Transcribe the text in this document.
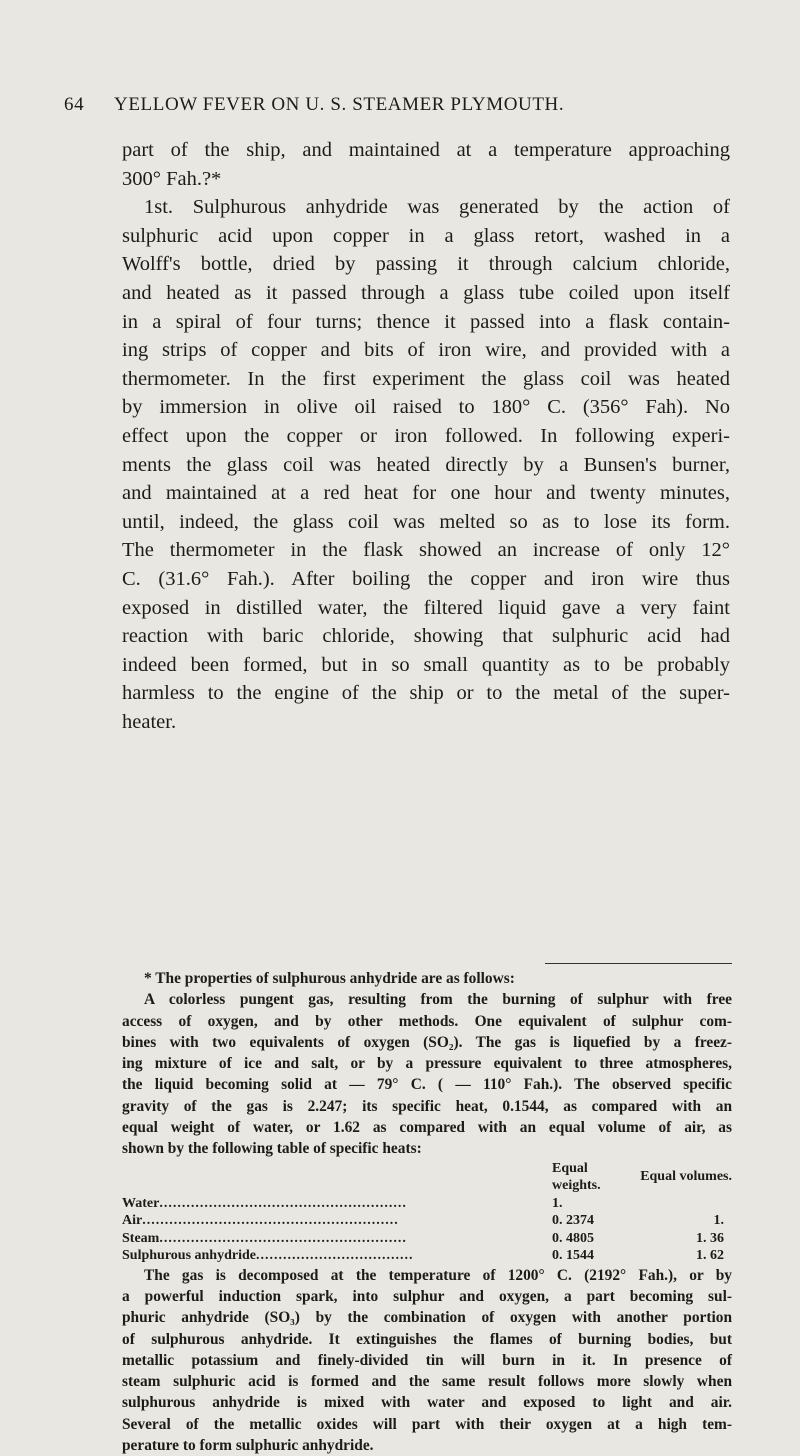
64 YELLOW FEVER ON U. S. STEAMER PLYMOUTH.
part of the ship, and maintained at a temperature approaching
300° Fah.?*
1st. Sulphurous anhydride was generated by the action of
sulphuric acid upon copper in a glass retort, washed in a
Wolff's bottle, dried by passing it through calcium chloride,
and heated as it passed through a glass tube coiled upon itself
in a spiral of four turns; thence it passed into a flask contain-
ing strips of copper and bits of iron wire, and provided with a
thermometer. In the first experiment the glass coil was heated
by immersion in olive oil raised to 180° C. (356° Fah). No
effect upon the copper or iron followed. In following experi-
ments the glass coil was heated directly by a Bunsen's burner,
and maintained at a red heat for one hour and twenty minutes,
until, indeed, the glass coil was melted so as to lose its form.
The thermometer in the flask showed an increase of only 12°
C. (31.6° Fah.). After boiling the copper and iron wire thus
exposed in distilled water, the filtered liquid gave a very faint
reaction with baric chloride, showing that sulphuric acid had
indeed been formed, but in so small quantity as to be probably
harmless to the engine of the ship or to the metal of the super-
heater.
* The properties of sulphurous anhydride are as follows:
A colorless pungent gas, resulting from the burning of sulphur with free
access of oxygen, and by other methods. One equivalent of sulphur com-
bines with two equivalents of oxygen (SO₂). The gas is liquefied by a freez-
ing mixture of ice and salt, or by a pressure equivalent to three atmospheres,
the liquid becoming solid at — 79° C. ( — 110° Fah.). The observed specific
gravity of the gas is 2.247; its specific heat, 0.1544, as compared with an
equal weight of water, or 1.62 as compared with an equal volume of air, as
shown by the following table of specific heats:
	Equal weights.	Equal volumes.
Water.......................................................	1.	
Air.........................................................	0. 2374	1.
Steam.......................................................	0. 4805	1. 36
Sulphurous anhydride...................................	0. 1544	1. 62
The gas is decomposed at the temperature of 1200° C. (2192° Fah.), or by
a powerful induction spark, into sulphur and oxygen, a part becoming sul-
phuric anhydride (SO₃) by the combination of oxygen with another portion
of sulphurous anhydride. It extinguishes the flames of burning bodies, but
metallic potassium and finely-divided tin will burn in it. In presence of
steam sulphuric acid is formed and the same result follows more slowly when
sulphurous anhydride is mixed with water and exposed to light and air.
Several of the metallic oxides will part with their oxygen at a high tem-
perature to form sulphuric anhydride.
